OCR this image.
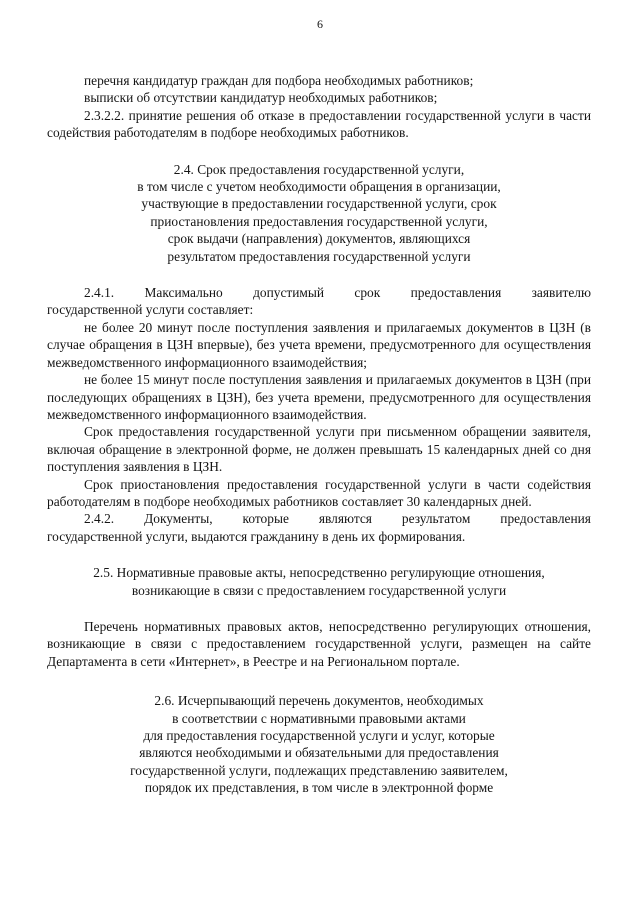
6

перечня кандидатур граждан для подбора необходимых работников;

выписки об отсутствии кандидатур необходимых работников;

2.3.2.2. принятие решения об отказе в предоставлении государственной услуги в части содействия работодателям в подборе необходимых работников.

2.4. Срок предоставления государственной услуги,

в том числе с учетом необходимости обращения в организации,

участвующие в предоставлении государственной услуги, срок

приостановления предоставления государственной услуги,

срок выдачи (направления) документов, являющихся

результатом предоставления государственной услуги

2.4.1. Максимально допустимый срок предоставления заявителю

государственной услуги составляет:

не более 20 минут после поступления заявления и прилагаемых документов в ЦЗН (в случае обращения в ЦЗН впервые), без учета времени, предусмотренного для осуществления межведомственного информационного взаимодействия;

не более 15 минут после поступления заявления и прилагаемых документов в ЦЗН (при последующих обращениях в ЦЗН), без учета времени, предусмотренного для осуществления межведомственного информационного взаимодействия.

Срок предоставления государственной услуги при письменном обращении заявителя, включая обращение в электронной форме, не должен превышать 15 календарных дней со дня поступления заявления в ЦЗН.

Срок приостановления предоставления государственной услуги в части содействия работодателям в подборе необходимых работников составляет 30 календарных дней.

2.4.2. Документы, которые являются результатом предоставления

государственной услуги, выдаются гражданину в день их формирования.

2.5. Нормативные правовые акты, непосредственно регулирующие отношения,

возникающие в связи с предоставлением государственной услуги

Перечень нормативных правовых актов, непосредственно регулирующих отношения, возникающие в связи с предоставлением государственной услуги, размещен на сайте Департамента в сети «Интернет», в Реестре и на Региональном портале.

2.6. Исчерпывающий перечень документов, необходимых

в соответствии с нормативными правовыми актами

для предоставления государственной услуги и услуг, которые

являются необходимыми и обязательными для предоставления

государственной услуги, подлежащих представлению заявителем,

порядок их представления, в том числе в электронной форме
